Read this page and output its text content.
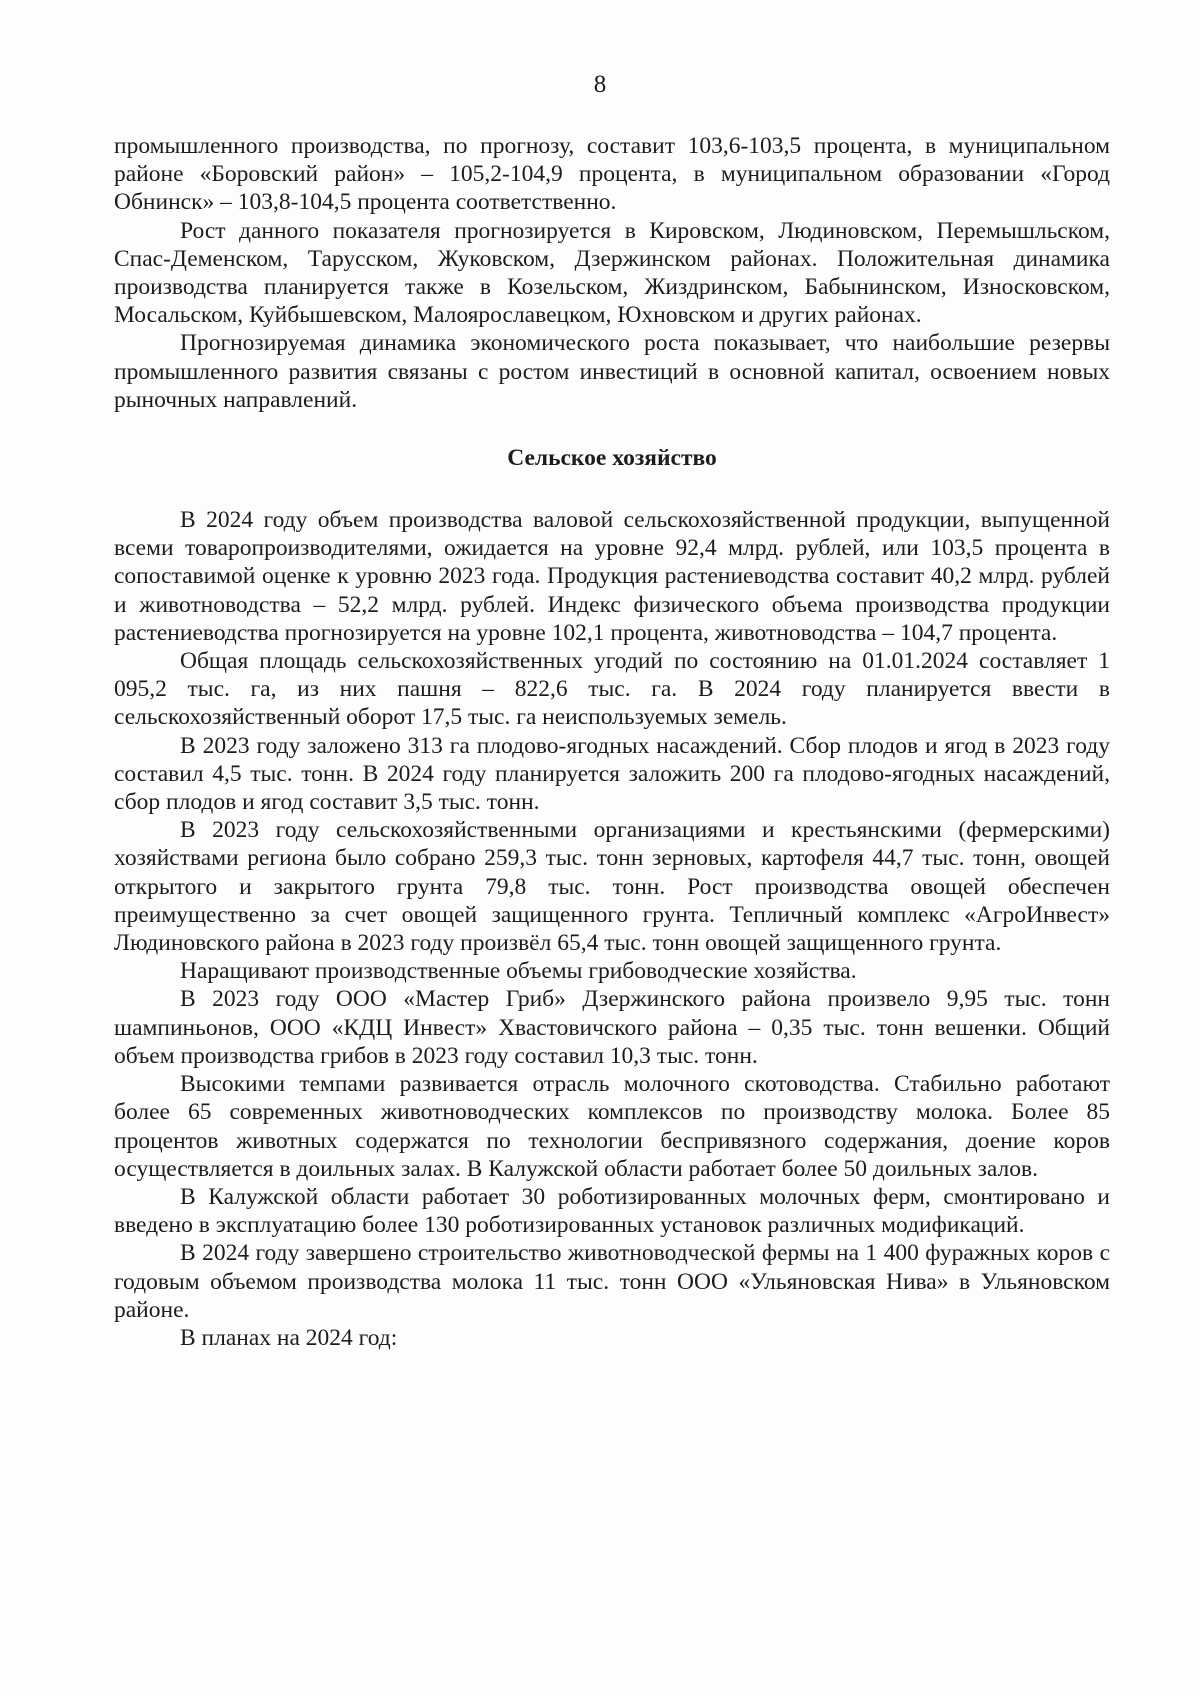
8

промышленного производства, по прогнозу, составит 103,6-103,5 процента, в муниципальном районе «Боровский район» – 105,2-104,9 процента, в муниципальном образовании «Город Обнинск» – 103,8-104,5 процента соответственно.

Рост данного показателя прогнозируется в Кировском, Людиновском, Перемышльском, Спас-Деменском, Тарусском, Жуковском, Дзержинском районах. Положительная динамика производства планируется также в Козельском, Жиздринском, Бабынинском, Износковском, Мосальском, Куйбышевском, Малоярославецком, Юхновском и других районах.

Прогнозируемая динамика экономического роста показывает, что наибольшие резервы промышленного развития связаны с ростом инвестиций в основной капитал, освоением новых рыночных направлений.

Сельское хозяйство

В 2024 году объем производства валовой сельскохозяйственной продукции, выпущенной всеми товаропроизводителями, ожидается на уровне 92,4 млрд. рублей, или 103,5 процента в сопоставимой оценке к уровню 2023 года. Продукция растениеводства составит 40,2 млрд. рублей и животноводства – 52,2 млрд. рублей. Индекс физического объема производства продукции растениеводства прогнозируется на уровне 102,1 процента, животноводства – 104,7 процента.

Общая площадь сельскохозяйственных угодий по состоянию на 01.01.2024 составляет 1 095,2 тыс. га, из них пашня – 822,6 тыс. га. В 2024 году планируется ввести в сельскохозяйственный оборот 17,5 тыс. га неиспользуемых земель.

В 2023 году заложено 313 га плодово-ягодных насаждений. Сбор плодов и ягод в 2023 году составил 4,5 тыс. тонн. В 2024 году планируется заложить 200 га плодово-ягодных насаждений, сбор плодов и ягод составит 3,5 тыс. тонн.

В 2023 году сельскохозяйственными организациями и крестьянскими (фермерскими) хозяйствами региона было собрано 259,3 тыс. тонн зерновых, картофеля 44,7 тыс. тонн, овощей открытого и закрытого грунта 79,8 тыс. тонн. Рост производства овощей обеспечен преимущественно за счет овощей защищенного грунта. Тепличный комплекс «АгроИнвест» Людиновского района в 2023 году произвёл 65,4 тыс. тонн овощей защищенного грунта.

Наращивают производственные объемы грибоводческие хозяйства.

В 2023 году ООО «Мастер Гриб» Дзержинского района произвело 9,95 тыс. тонн шампиньонов, ООО «КДЦ Инвест» Хвастовичского района – 0,35 тыс. тонн вешенки. Общий объем производства грибов в 2023 году составил 10,3 тыс. тонн.

Высокими темпами развивается отрасль молочного скотоводства. Стабильно работают более 65 современных животноводческих комплексов по производству молока. Более 85 процентов животных содержатся по технологии беспривязного содержания, доение коров осуществляется в доильных залах. В Калужской области работает более 50 доильных залов.

В Калужской области работает 30 роботизированных молочных ферм, смонтировано и введено в эксплуатацию более 130 роботизированных установок различных модификаций.

В 2024 году завершено строительство животноводческой фермы на 1 400 фуражных коров с годовым объемом производства молока 11 тыс. тонн ООО «Ульяновская Нива» в Ульяновском районе.

В планах на 2024 год:
